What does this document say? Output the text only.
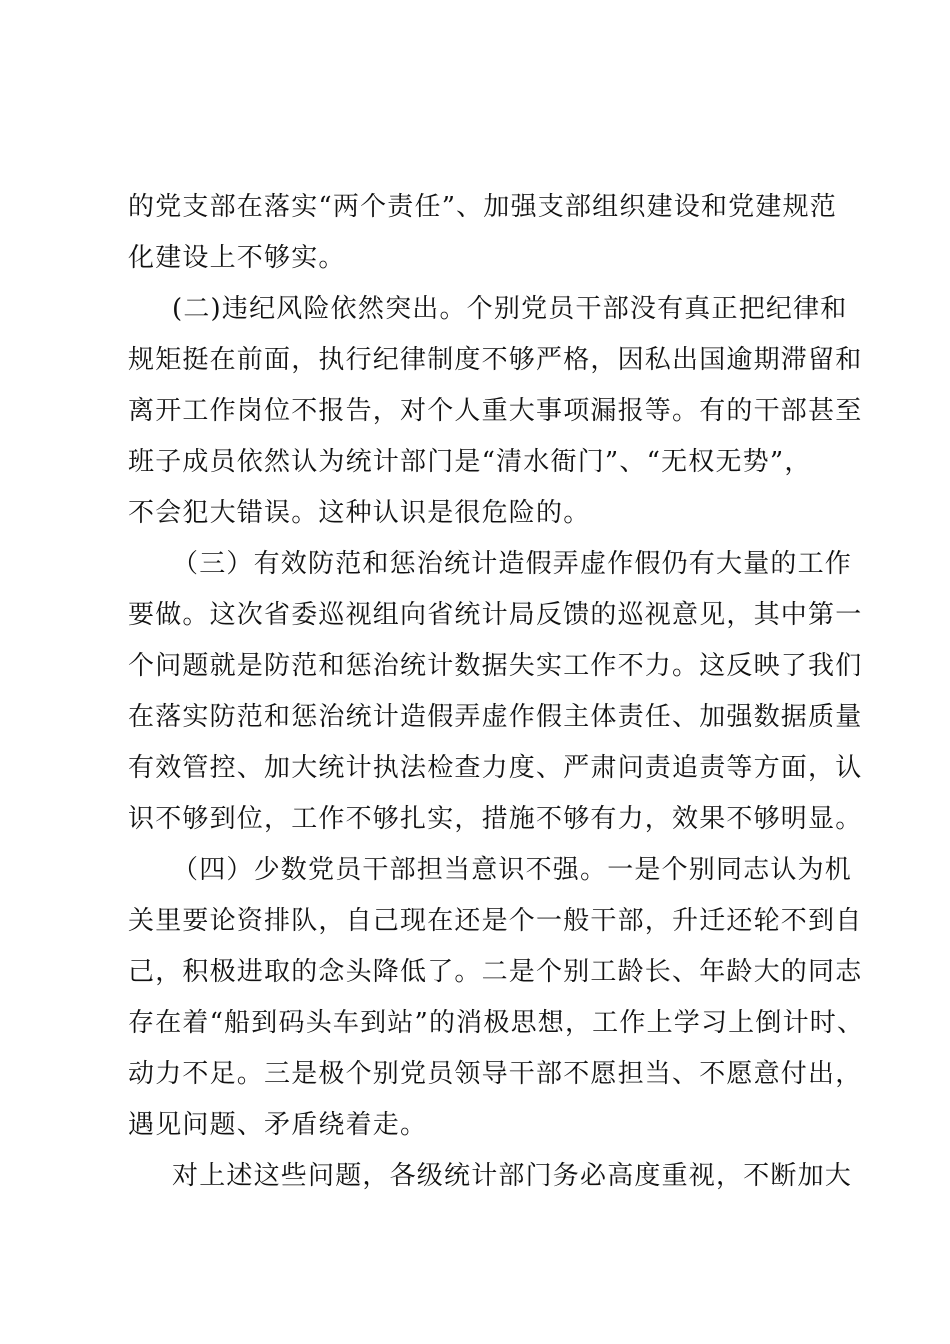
的党支部在落实“两个责任”、加强支部组织建设和党建规范
化建设上不够实。
(二)违纪风险依然突出。个别党员干部没有真正把纪律和
规矩挺在前面，执行纪律制度不够严格，因私出国逾期滞留和
离开工作岗位不报告，对个人重大事项漏报等。有的干部甚至
班子成员依然认为统计部门是“清水衙门”、“无权无势”，
不会犯大错误。这种认识是很危险的。
（三）有效防范和惩治统计造假弄虚作假仍有大量的工作
要做。这次省委巡视组向省统计局反馈的巡视意见，其中第一
个问题就是防范和惩治统计数据失实工作不力。这反映了我们
在落实防范和惩治统计造假弄虚作假主体责任、加强数据质量
有效管控、加大统计执法检查力度、严肃问责追责等方面，认
识不够到位，工作不够扎实，措施不够有力，效果不够明显。
（四）少数党员干部担当意识不强。一是个别同志认为机
关里要论资排队，自己现在还是个一般干部，升迁还轮不到自
己，积极进取的念头降低了。二是个别工龄长、年龄大的同志
存在着“船到码头车到站”的消极思想，工作上学习上倒计时、
动力不足。三是极个别党员领导干部不愿担当、不愿意付出，
遇见问题、矛盾绕着走。
对上述这些问题，各级统计部门务必高度重视，不断加大
